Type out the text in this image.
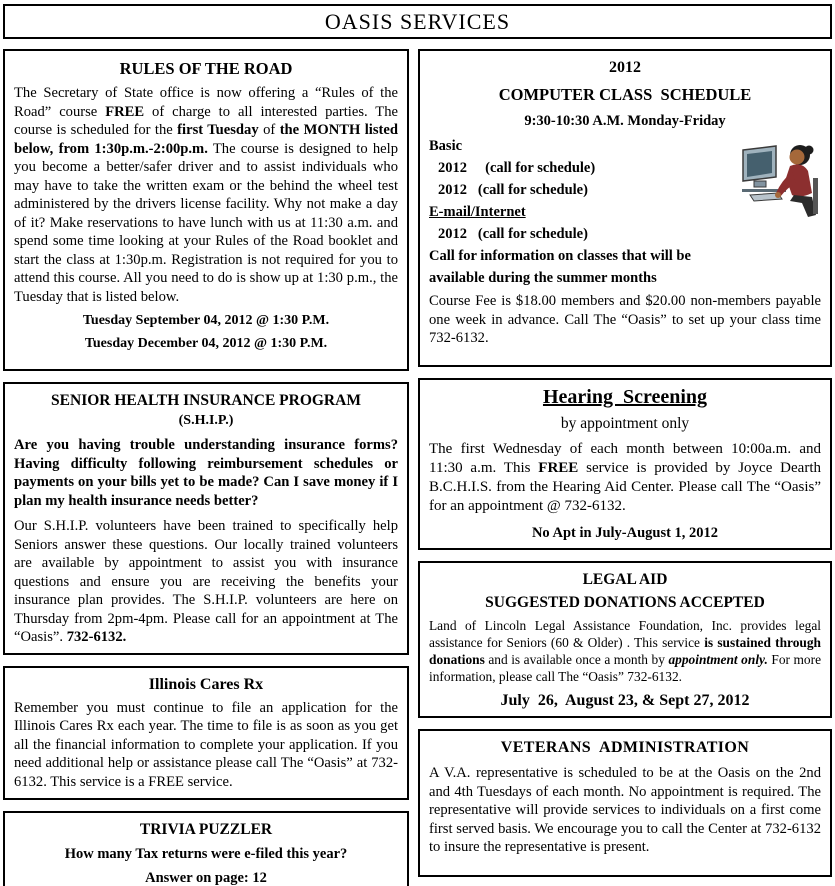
OASIS SERVICES
RULES OF THE ROAD

The Secretary of State office is now offering a “Rules of the Road” course FREE of charge to all interested parties. The course is scheduled for the first Tuesday of the MONTH listed below, from 1:30p.m.-2:00p.m. The course is designed to help you become a better/safer driver and to assist individuals who may have to take the written exam or the behind the wheel test administered by the drivers license facility. Why not make a day of it? Make reservations to have lunch with us at 11:30 a.m. and spend some time looking at your Rules of the Road booklet and start the class at 1:30p.m. Registration is not required for you to attend this course. All you need to do is show up at 1:30 p.m., the Tuesday that is listed below.

Tuesday September 04, 2012 @ 1:30 P.M.

Tuesday December 04, 2012 @ 1:30 P.M.

SENIOR HEALTH INSURANCE PROGRAM
(S.H.I.P.)

Are you having trouble understanding insurance forms? Having difficulty following reimbursement schedules or payments on your bills yet to be made? Can I save money if I plan my health insurance needs better?

Our S.H.I.P. volunteers have been trained to specifically help Seniors answer these questions. Our locally trained volunteers are available by appointment to assist you with insurance questions and ensure you are receiving the benefits your insurance plan provides. The S.H.I.P. volunteers are here on Thursday from 2pm-4pm. Please call for an appointment at The “Oasis”. 732-6132.

Illinois Cares Rx

Remember you must continue to file an application for the Illinois Cares Rx each year. The time to file is as soon as you get all the financial information to complete your application. If you need additional help or assistance please call The “Oasis” at 732-6132. This service is a FREE service.

TRIVIA PUZZLER

How many Tax returns were e-filed this year?

Answer on page: 12

2012
COMPUTER CLASS  SCHEDULE
9:30-10:30 A.M. Monday-Friday

Basic

2012     (call for schedule)

2012   (call for schedule)

E-mail/Internet

2012   (call for schedule)

Call for information on classes that will be

available during the summer months

Course Fee is $18.00 members and $20.00 non-members payable one week in advance. Call The “Oasis” to set up your class time 732-6132.

Hearing  Screening

by appointment only

The first Wednesday of each month between 10:00a.m. and 11:30 a.m. This FREE service is provided by Joyce Dearth B.C.H.I.S. from the Hearing Aid Center. Please call The “Oasis” for an appointment @ 732-6132.

No Apt in July-August 1, 2012

LEGAL AID
SUGGESTED DONATIONS ACCEPTED

Land of Lincoln Legal Assistance Foundation, Inc. provides legal assistance for Seniors (60 & Older) . This service is sustained through donations and is available once a month by appointment only. For more information, please call The “Oasis” 732-6132.

July  26,  August 23, & Sept 27, 2012

VETERANS  ADMINISTRATION

A V.A. representative is scheduled to be at the Oasis on the 2nd and 4th Tuesdays of each month. No appointment is required. The representative will provide services to individuals on a first come first served basis. We encourage you to call the Center at 732-6132 to insure the representative is present.
